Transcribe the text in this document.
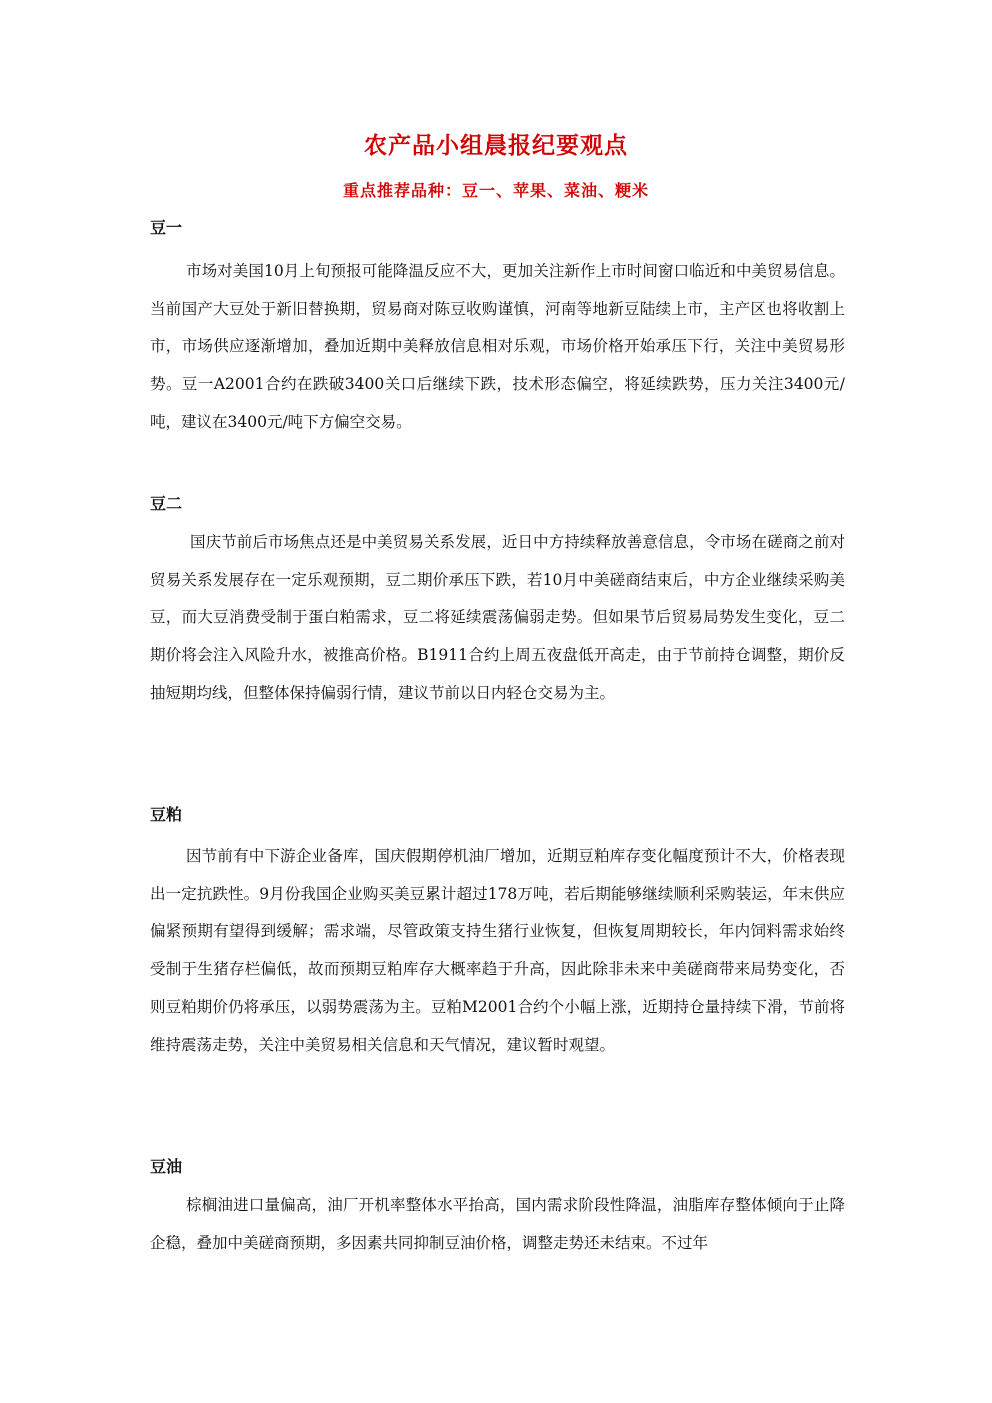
农产品小组晨报纪要观点
重点推荐品种：豆一、苹果、菜油、粳米
豆一
市场对美国10月上旬预报可能降温反应不大，更加关注新作上市时间窗口临近和中美贸易信息。当前国产大豆处于新旧替换期，贸易商对陈豆收购谨慎，河南等地新豆陆续上市，主产区也将收割上市，市场供应逐渐增加，叠加近期中美释放信息相对乐观，市场价格开始承压下行，关注中美贸易形势。豆一A2001合约在跌破3400关口后继续下跌，技术形态偏空，将延续跌势，压力关注3400元/吨，建议在3400元/吨下方偏空交易。
豆二
国庆节前后市场焦点还是中美贸易关系发展，近日中方持续释放善意信息，令市场在磋商之前对贸易关系发展存在一定乐观预期，豆二期价承压下跌，若10月中美磋商结束后，中方企业继续采购美豆，而大豆消费受制于蛋白粕需求，豆二将延续震荡偏弱走势。但如果节后贸易局势发生变化，豆二期价将会注入风险升水，被推高价格。B1911合约上周五夜盘低开高走，由于节前持仓调整，期价反抽短期均线，但整体保持偏弱行情，建议节前以日内轻仓交易为主。
豆粕
因节前有中下游企业备库，国庆假期停机油厂增加，近期豆粕库存变化幅度预计不大，价格表现出一定抗跌性。9月份我国企业购买美豆累计超过178万吨，若后期能够继续顺利采购装运，年末供应偏紧预期有望得到缓解；需求端，尽管政策支持生猪行业恢复，但恢复周期较长，年内饲料需求始终受制于生猪存栏偏低，故而预期豆粕库存大概率趋于升高，因此除非未来中美磋商带来局势变化，否则豆粕期价仍将承压，以弱势震荡为主。豆粕M2001合约个小幅上涨，近期持仓量持续下滑，节前将维持震荡走势，关注中美贸易相关信息和天气情况，建议暂时观望。
豆油
棕榈油进口量偏高，油厂开机率整体水平抬高，国内需求阶段性降温，油脂库存整体倾向于止降企稳，叠加中美磋商预期，多因素共同抑制豆油价格，调整走势还未结束。不过年
